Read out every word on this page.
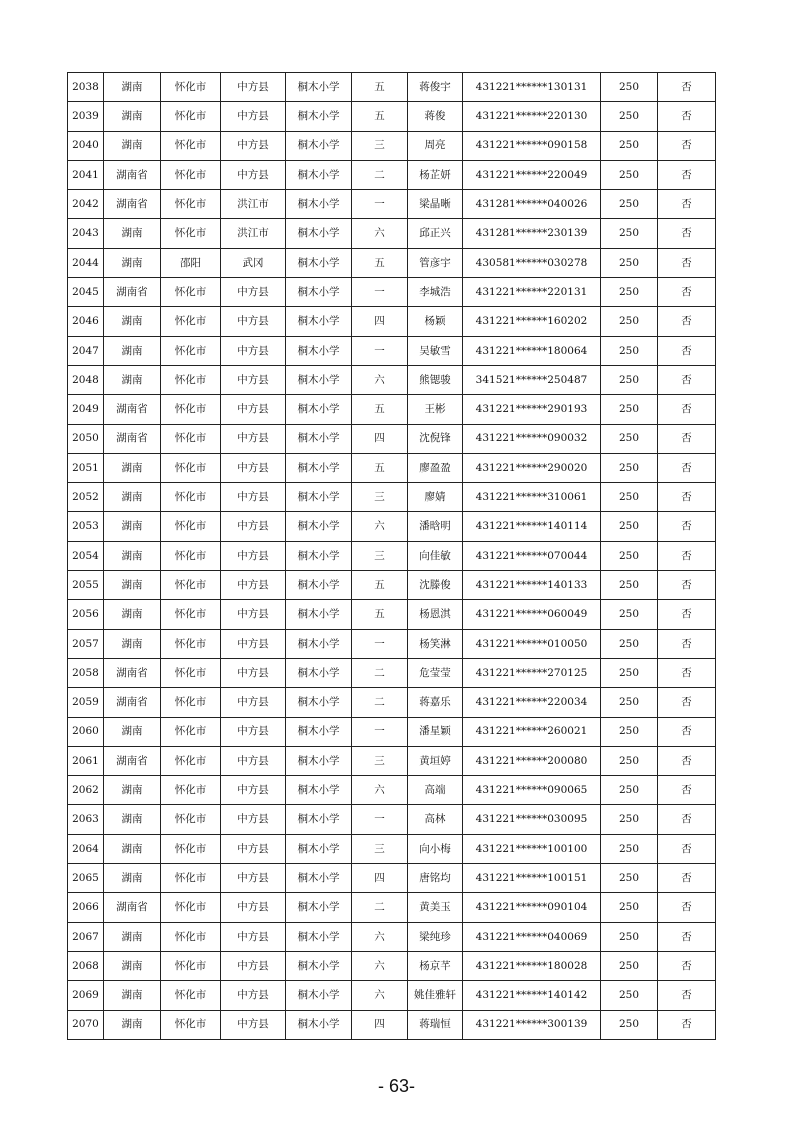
2038	湖南	怀化市	中方县	桐木小学	五	蒋俊宇	431221******130131	250	否
2039	湖南	怀化市	中方县	桐木小学	五	蒋俊	431221******220130	250	否
2040	湖南	怀化市	中方县	桐木小学	三	周亮	431221******090158	250	否
2041	湖南省	怀化市	中方县	桐木小学	二	杨芷妍	431221******220049	250	否
2042	湖南省	怀化市	洪江市	桐木小学	一	梁晶晰	431281******040026	250	否
2043	湖南	怀化市	洪江市	桐木小学	六	邱正兴	431281******230139	250	否
2044	湖南	邵阳	武冈	桐木小学	五	管彦宇	430581******030278	250	否
2045	湖南省	怀化市	中方县	桐木小学	一	李城浩	431221******220131	250	否
2046	湖南	怀化市	中方县	桐木小学	四	杨颖	431221******160202	250	否
2047	湖南	怀化市	中方县	桐木小学	一	吴敏雪	431221******180064	250	否
2048	湖南	怀化市	中方县	桐木小学	六	熊锶骏	341521******250487	250	否
2049	湖南省	怀化市	中方县	桐木小学	五	王彬	431221******290193	250	否
2050	湖南省	怀化市	中方县	桐木小学	四	沈倪锋	431221******090032	250	否
2051	湖南	怀化市	中方县	桐木小学	五	廖盈盈	431221******290020	250	否
2052	湖南	怀化市	中方县	桐木小学	三	廖婧	431221******310061	250	否
2053	湖南	怀化市	中方县	桐木小学	六	潘晗明	431221******140114	250	否
2054	湖南	怀化市	中方县	桐木小学	三	向佳敏	431221******070044	250	否
2055	湖南	怀化市	中方县	桐木小学	五	沈滕俊	431221******140133	250	否
2056	湖南	怀化市	中方县	桐木小学	五	杨恩淇	431221******060049	250	否
2057	湖南	怀化市	中方县	桐木小学	一	杨笑淋	431221******010050	250	否
2058	湖南省	怀化市	中方县	桐木小学	二	危莹莹	431221******270125	250	否
2059	湖南省	怀化市	中方县	桐木小学	二	蒋嘉乐	431221******220034	250	否
2060	湖南	怀化市	中方县	桐木小学	一	潘星颖	431221******260021	250	否
2061	湖南省	怀化市	中方县	桐木小学	三	黄垣婷	431221******200080	250	否
2062	湖南	怀化市	中方县	桐木小学	六	高端	431221******090065	250	否
2063	湖南	怀化市	中方县	桐木小学	一	高林	431221******030095	250	否
2064	湖南	怀化市	中方县	桐木小学	三	向小梅	431221******100100	250	否
2065	湖南	怀化市	中方县	桐木小学	四	唐铭均	431221******100151	250	否
2066	湖南省	怀化市	中方县	桐木小学	二	黄美玉	431221******090104	250	否
2067	湖南	怀化市	中方县	桐木小学	六	梁纯珍	431221******040069	250	否
2068	湖南	怀化市	中方县	桐木小学	六	杨京芊	431221******180028	250	否
2069	湖南	怀化市	中方县	桐木小学	六	姚佳雅轩	431221******140142	250	否
2070	湖南	怀化市	中方县	桐木小学	四	蒋瑞恒	431221******300139	250	否
- 63-
